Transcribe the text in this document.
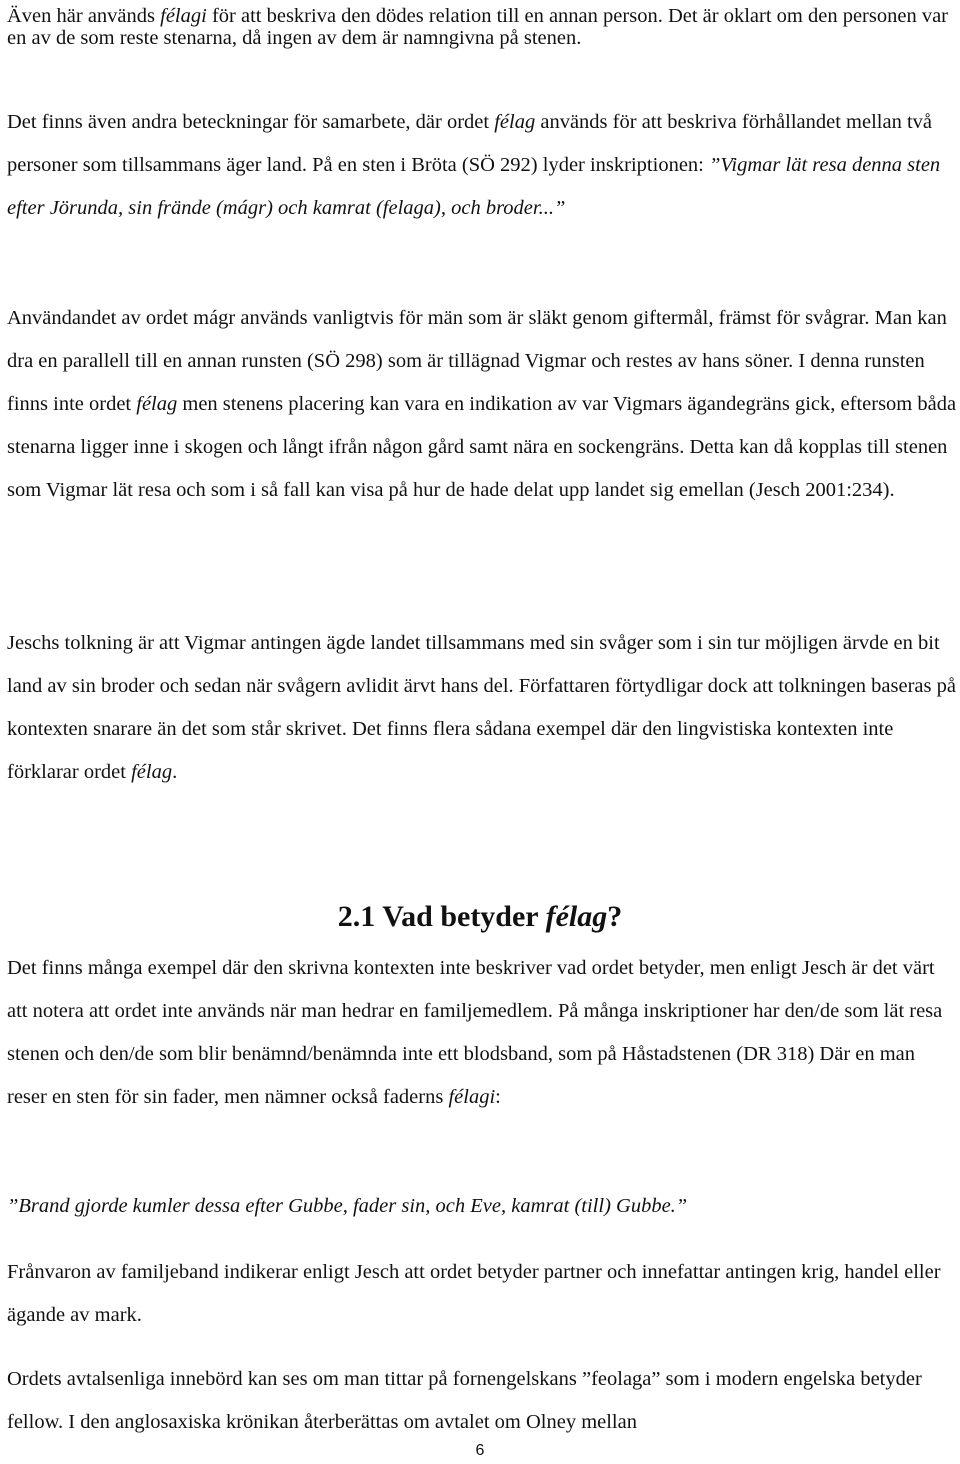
Även här används félagi för att beskriva den dödes relation till en annan person. Det är oklart om den personen var en av de som reste stenarna, då ingen av dem är namngivna på stenen.
Det finns även andra beteckningar för samarbete, där ordet félag används för att beskriva förhållandet mellan två personer som tillsammans äger land. På en sten i Bröta (SÖ 292) lyder inskriptionen: ”Vigmar lät resa denna sten efter Jörunda, sin frände (mágr) och kamrat (felaga), och broder...”
Användandet av ordet mágr används vanligtvis för män som är släkt genom giftermål, främst för svågrar. Man kan dra en parallell till en annan runsten (SÖ 298) som är tillägnad Vigmar och restes av hans söner. I denna runsten finns inte ordet félag men stenens placering kan vara en indikation av var Vigmars ägandegräns gick, eftersom båda stenarna ligger inne i skogen och långt ifrån någon gård samt nära en sockengräns. Detta kan då kopplas till stenen som Vigmar lät resa och som i så fall kan visa på hur de hade delat upp landet sig emellan (Jesch 2001:234).
Jeschs tolkning är att Vigmar antingen ägde landet tillsammans med sin svåger som i sin tur möjligen ärvde en bit land av sin broder och sedan när svågern avlidit ärvt hans del. Författaren förtydligar dock att tolkningen baseras på kontexten snarare än det som står skrivet. Det finns flera sådana exempel där den lingvistiska kontexten inte förklarar ordet félag.
2.1 Vad betyder félag?
Det finns många exempel där den skrivna kontexten inte beskriver vad ordet betyder, men enligt Jesch är det värt att notera att ordet inte används när man hedrar en familjemedlem. På många inskriptioner har den/de som lät resa stenen och den/de som blir benämnd/benämnda inte ett blodsband, som på Håstadstenen (DR 318) Där en man reser en sten för sin fader, men nämner också faderns félagi:
”Brand gjorde kumler dessa efter Gubbe, fader sin, och Eve, kamrat (till) Gubbe.”
Frånvaron av familjeband indikerar enligt Jesch att ordet betyder partner och innefattar antingen krig, handel eller ägande av mark.
Ordets avtalsenliga innebörd kan ses om man tittar på fornengelskans ”feolaga” som i modern engelska betyder fellow. I den anglosaxiska krönikan återberättas om avtalet om Olney mellan
6
